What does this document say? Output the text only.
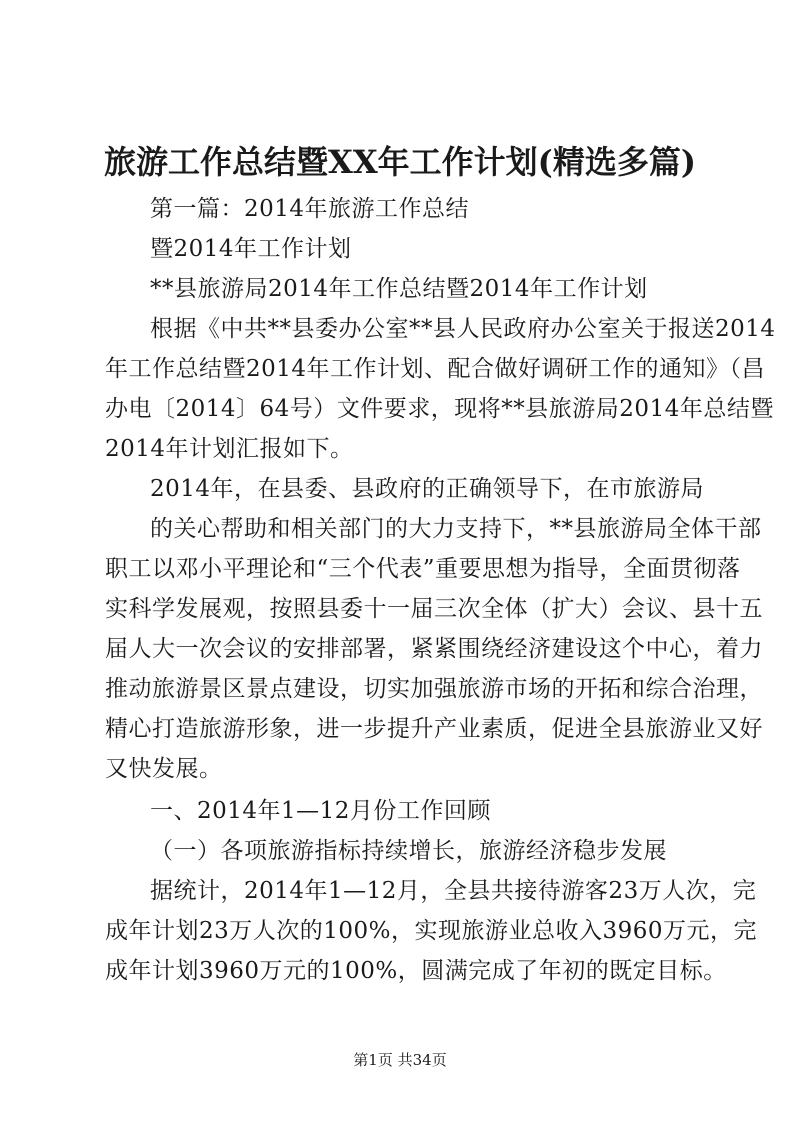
旅游工作总结暨XX年工作计划(精选多篇)
第一篇：2014年旅游工作总结
暨2014年工作计划
**县旅游局2014年工作总结暨2014年工作计划
根据《中共**县委办公室**县人民政府办公室关于报送2014
年工作总结暨2014年工作计划、配合做好调研工作的通知》（昌
办电〔2014〕64号）文件要求，现将**县旅游局2014年总结暨
2014年计划汇报如下。
2014年，在县委、县政府的正确领导下，在市旅游局
的关心帮助和相关部门的大力支持下，**县旅游局全体干部
职工以邓小平理论和“三个代表”重要思想为指导，全面贯彻落
实科学发展观，按照县委十一届三次全体（扩大）会议、县十五
届人大一次会议的安排部署，紧紧围绕经济建设这个中心，着力
推动旅游景区景点建设，切实加强旅游市场的开拓和综合治理，
精心打造旅游形象，进一步提升产业素质，促进全县旅游业又好
又快发展。
一、2014年1—12月份工作回顾
（一）各项旅游指标持续增长，旅游经济稳步发展
据统计，2014年1—12月，全县共接待游客23万人次，完
成年计划23万人次的100%，实现旅游业总收入3960万元，完
成年计划3960万元的100%，圆满完成了年初的既定目标。
第1页 共34页
